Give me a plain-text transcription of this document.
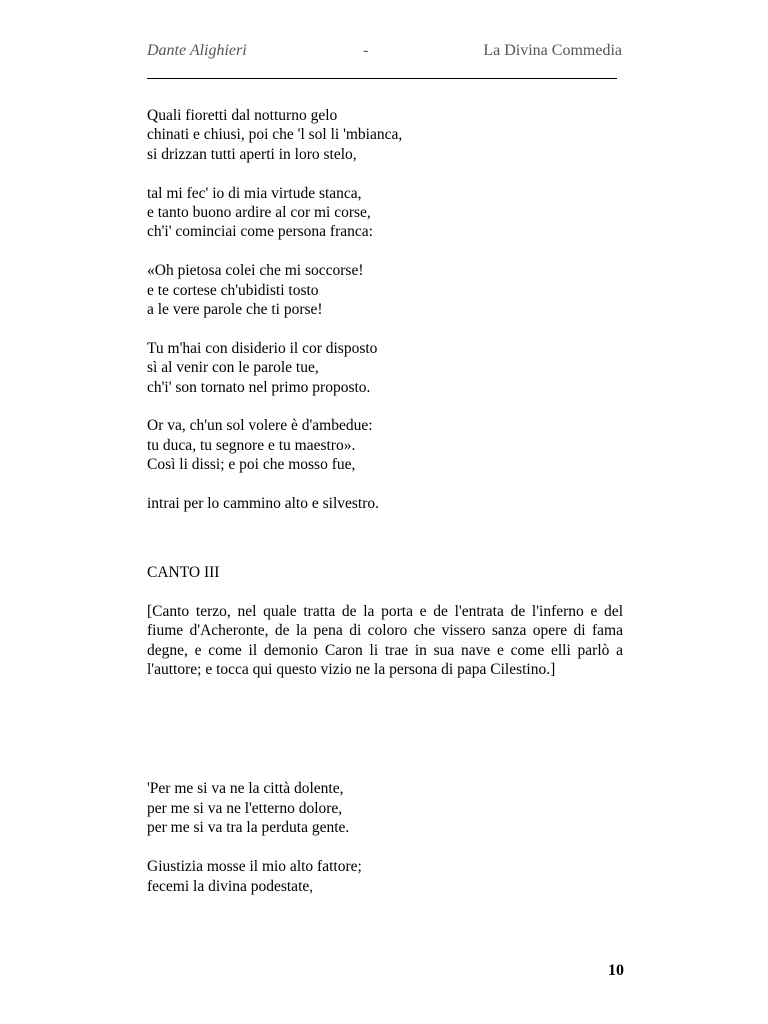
Dante Alighieri	-	La Divina Commedia
Quali fioretti dal notturno gelo
chinati e chiusi, poi che 'l sol li 'mbianca,
si drizzan tutti aperti in loro stelo,
tal mi fec' io di mia virtude stanca,
e tanto buono ardire al cor mi corse,
ch'i' cominciai come persona franca:
«Oh pietosa colei che mi soccorse!
e te cortese ch'ubidisti tosto
a le vere parole che ti porse!
Tu m'hai con disiderio il cor disposto
sì al venir con le parole tue,
ch'i' son tornato nel primo proposto.
Or va, ch'un sol volere è d'ambedue:
tu duca, tu segnore e tu maestro».
Così li dissi; e poi che mosso fue,
intrai per lo cammino alto e silvestro.
CANTO III

[Canto terzo, nel quale tratta de la porta e de l'entrata de l'inferno e del fiume d'Acheronte, de la pena di coloro che vissero sanza opere di fama degne, e come il demonio Caron li trae in sua nave e come elli parlò a l'auttore; e tocca qui questo vizio ne la persona di papa Cilestino.]

'Per me si va ne la città dolente,
per me si va ne l'etterno dolore,
per me si va tra la perduta gente.
Giustizia mosse il mio alto fattore;
fecemi la divina podestate,
10
